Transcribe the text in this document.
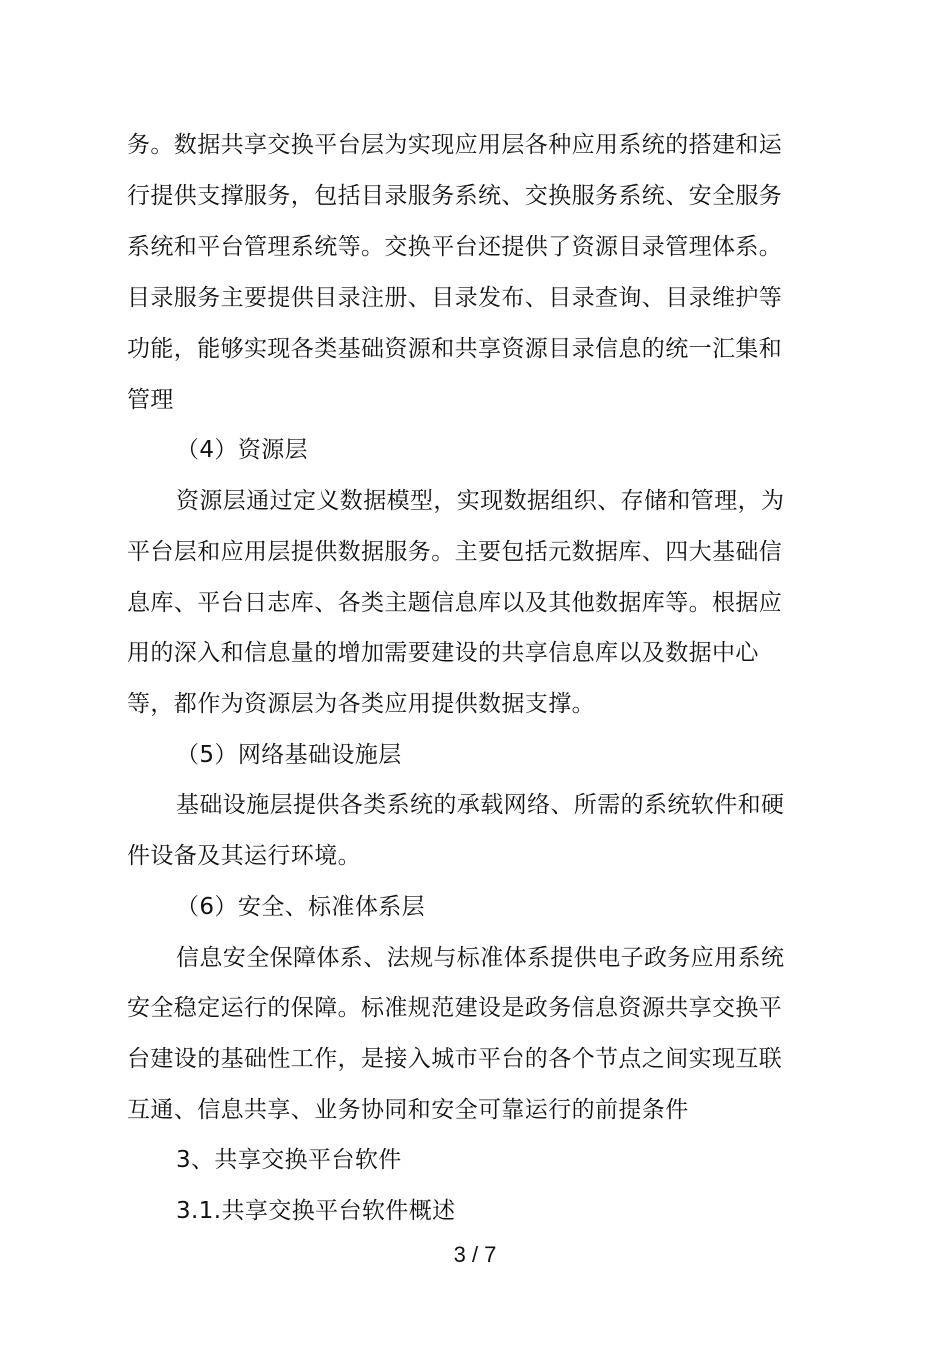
务。数据共享交换平台层为实现应用层各种应用系统的搭建和运
行提供支撑服务，包括目录服务系统、交换服务系统、安全服务
系统和平台管理系统等。交换平台还提供了资源目录管理体系。
目录服务主要提供目录注册、目录发布、目录查询、目录维护等
功能，能够实现各类基础资源和共享资源目录信息的统一汇集和
管理
（4）资源层
资源层通过定义数据模型，实现数据组织、存储和管理，为
平台层和应用层提供数据服务。主要包括元数据库、四大基础信
息库、平台日志库、各类主题信息库以及其他数据库等。根据应
用的深入和信息量的增加需要建设的共享信息库以及数据中心
等，都作为资源层为各类应用提供数据支撑。
（5）网络基础设施层
基础设施层提供各类系统的承载网络、所需的系统软件和硬
件设备及其运行环境。
（6）安全、标准体系层
信息安全保障体系、法规与标准体系提供电子政务应用系统
安全稳定运行的保障。标准规范建设是政务信息资源共享交换平
台建设的基础性工作，是接入城市平台的各个节点之间实现互联
互通、信息共享、业务协同和安全可靠运行的前提条件
3、共享交换平台软件
3.1.共享交换平台软件概述
3 / 7
